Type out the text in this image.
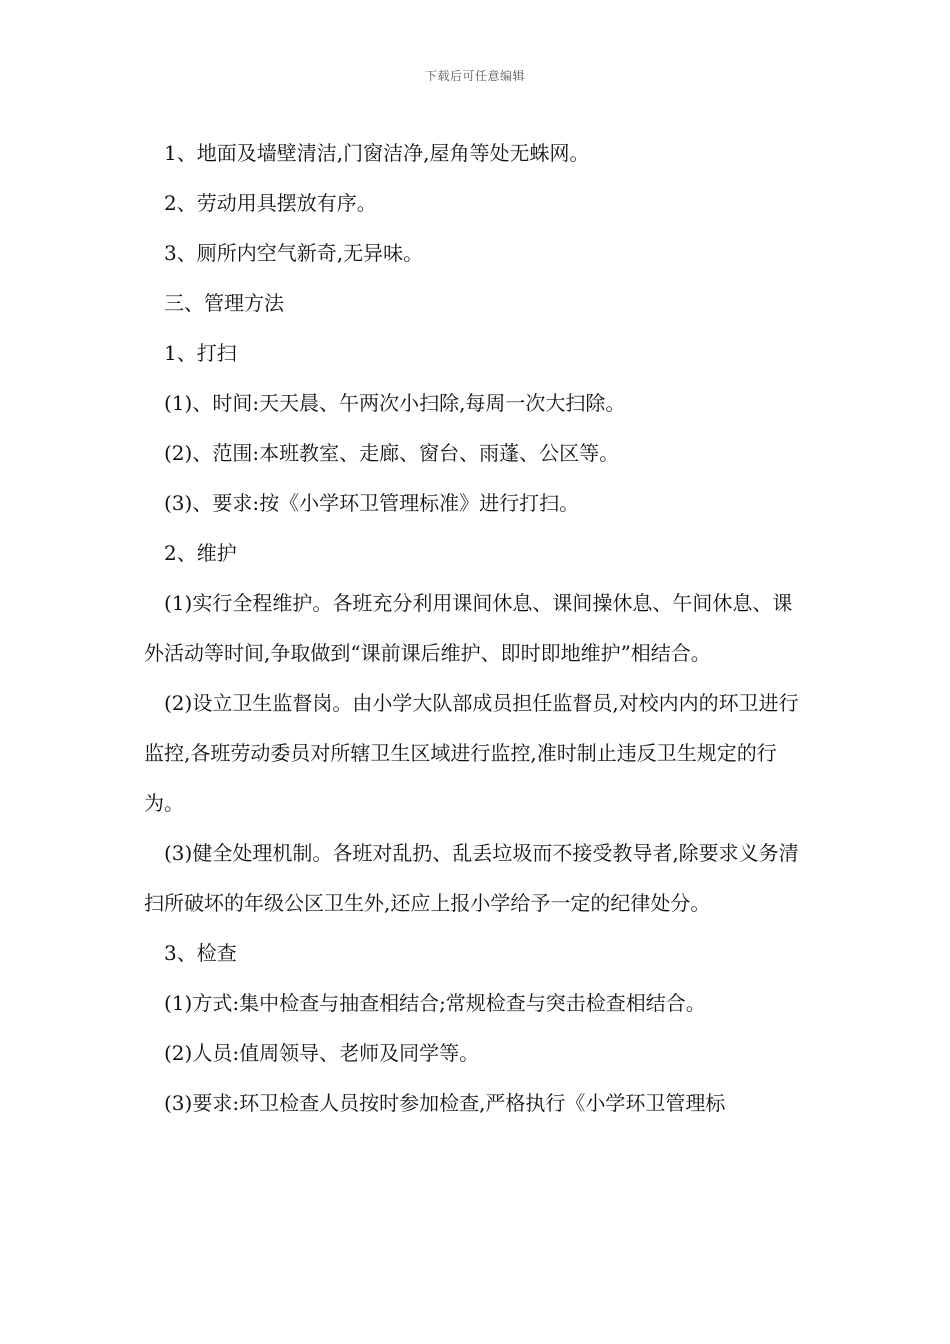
下载后可任意编辑

1、地面及墙壁清洁,门窗洁净,屋角等处无蛛网。

2、劳动用具摆放有序。

3、厕所内空气新奇,无异味。

三、管理方法

1、打扫

(1)、时间:天天晨、午两次小扫除,每周一次大扫除。

(2)、范围:本班教室、走廊、窗台、雨蓬、公区等。

(3)、要求:按《小学环卫管理标准》进行打扫。

2、维护

(1)实行全程维护。各班充分利用课间休息、课间操休息、午间休息、课外活动等时间,争取做到“课前课后维护、即时即地维护”相结合。

(2)设立卫生监督岗。由小学大队部成员担任监督员,对校内内的环卫进行监控,各班劳动委员对所辖卫生区域进行监控,准时制止违反卫生规定的行为。

(3)健全处理机制。各班对乱扔、乱丢垃圾而不接受教导者,除要求义务清扫所破坏的年级公区卫生外,还应上报小学给予一定的纪律处分。

3、检查

(1)方式:集中检查与抽查相结合;常规检查与突击检查相结合。

(2)人员:值周领导、老师及同学等。

(3)要求:环卫检查人员按时参加检查,严格执行《小学环卫管理标
